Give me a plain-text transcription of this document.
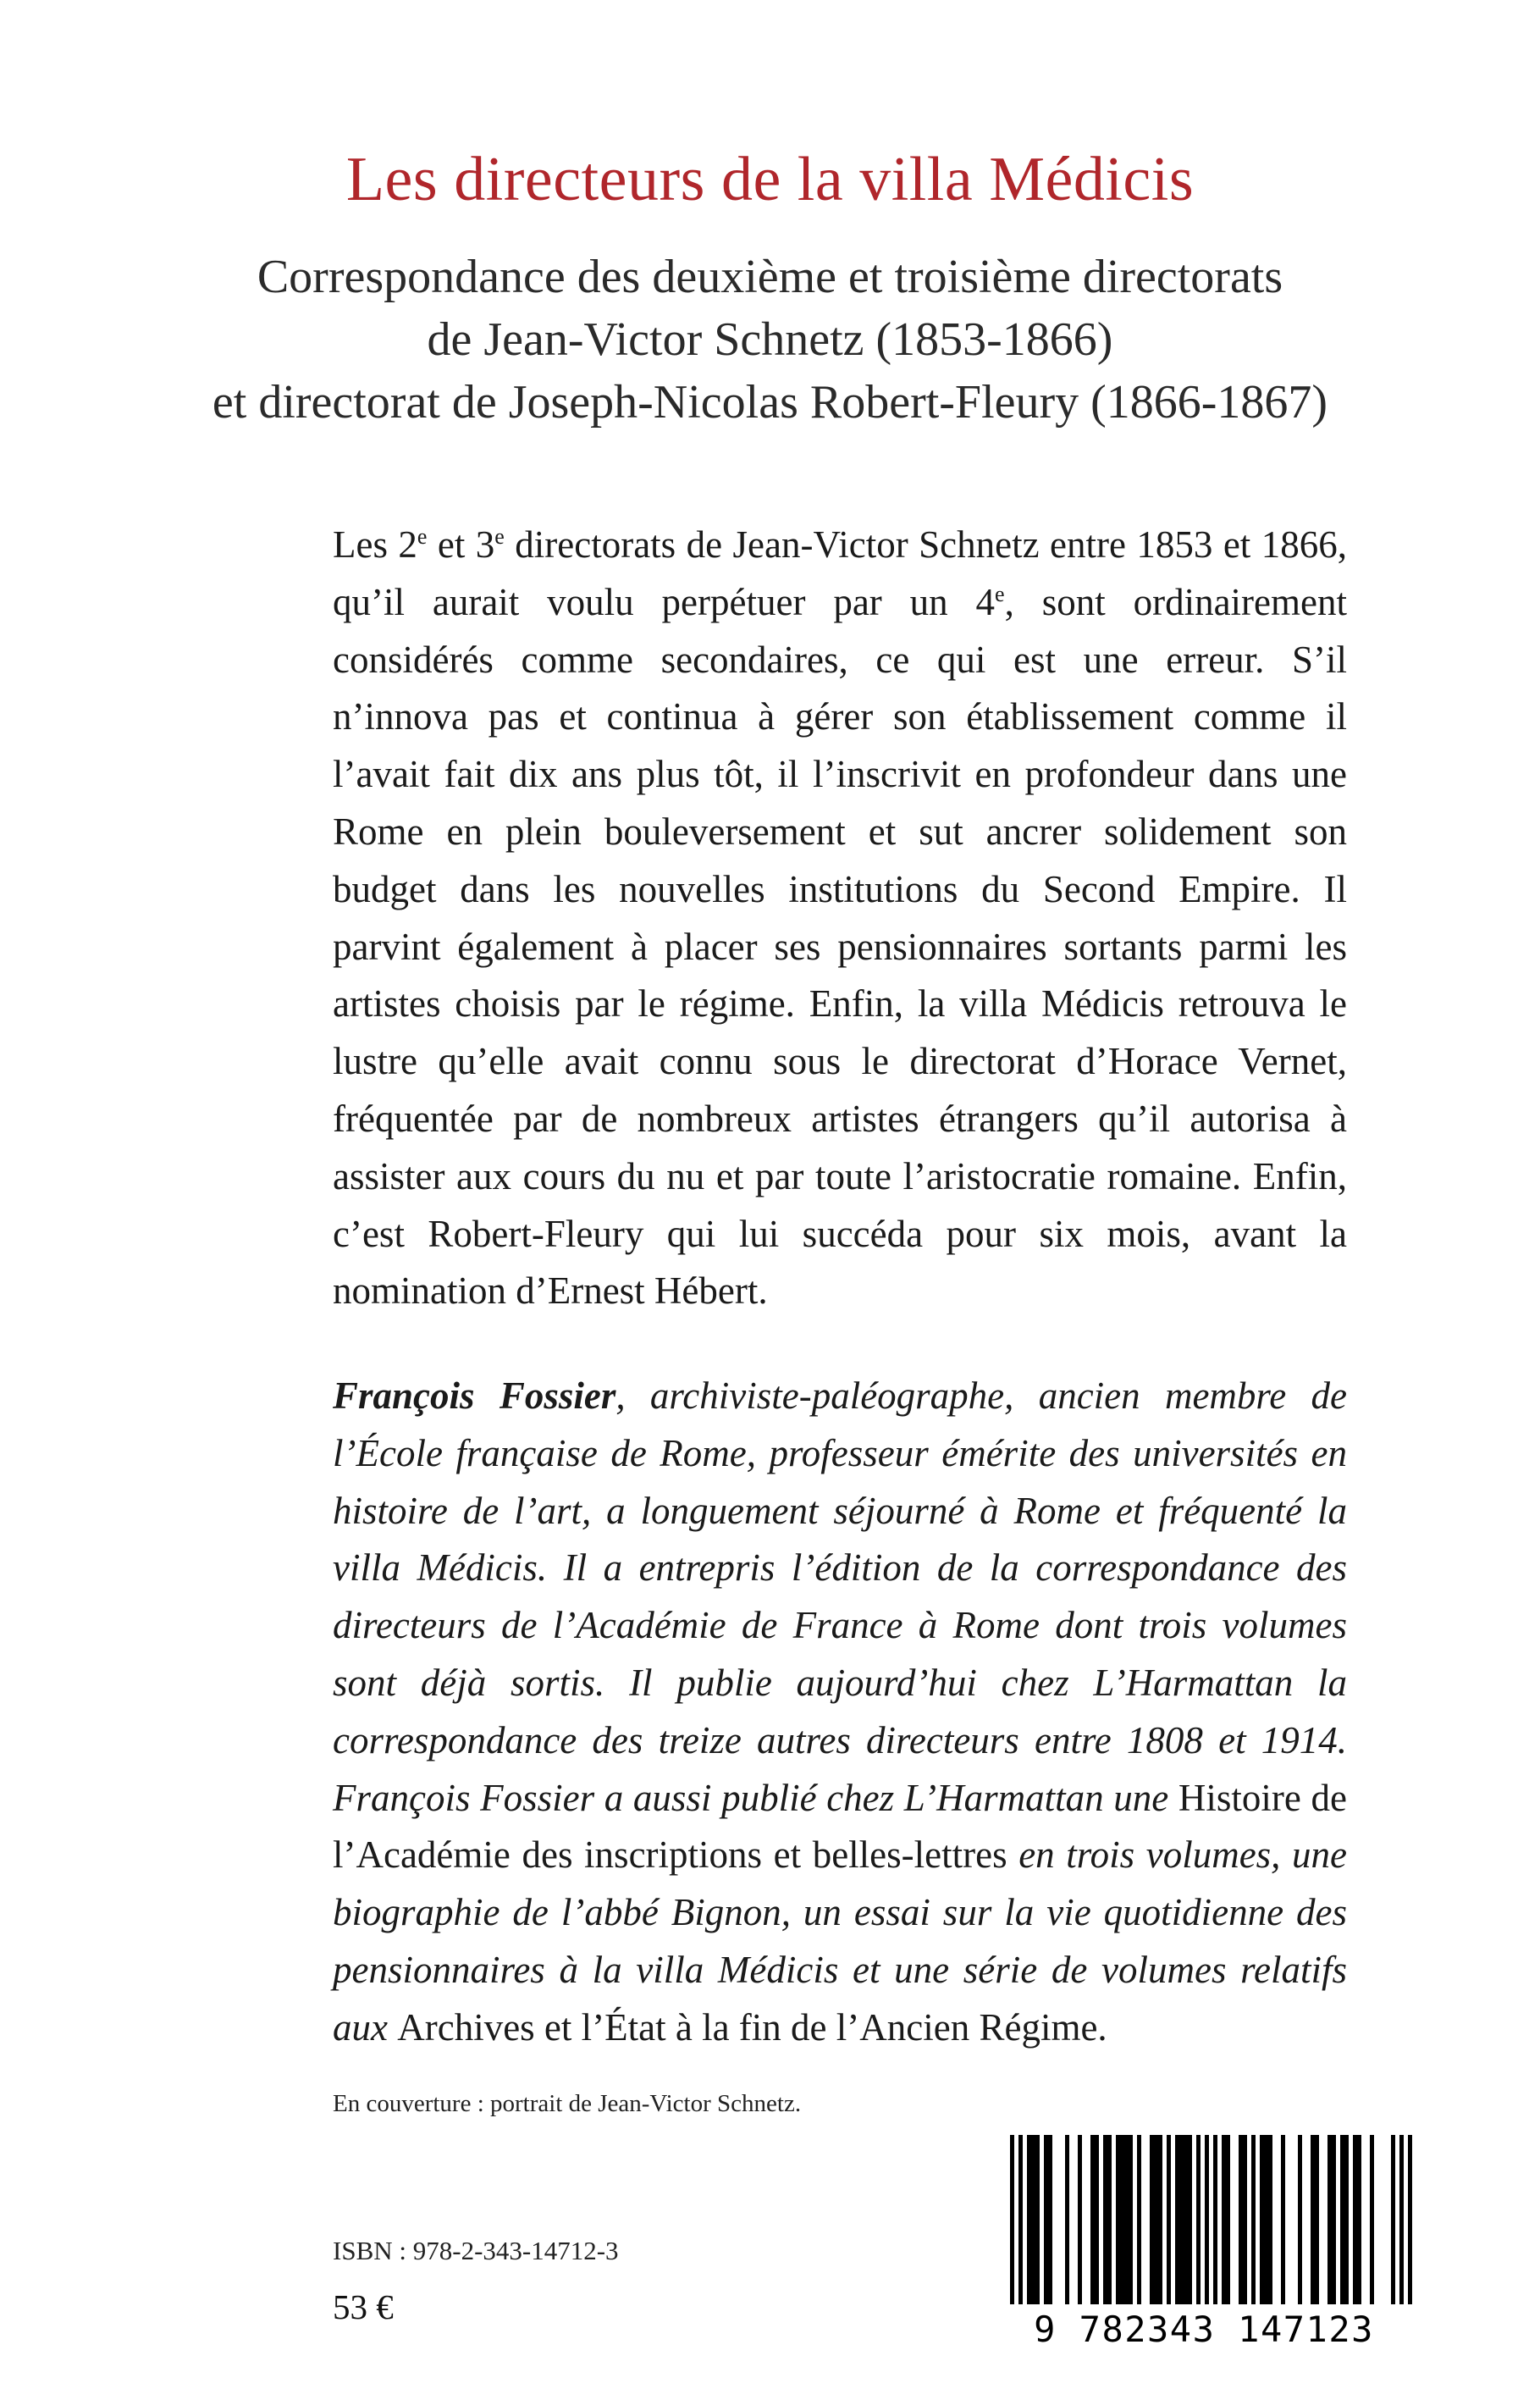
Les directeurs de la villa Médicis
Correspondance des deuxième et troisième directorats
de Jean-Victor Schnetz (1853-1866)
et directorat de Joseph-Nicolas Robert-Fleury (1866-1867)

Les 2e et 3e directorats de Jean-Victor Schnetz entre 1853 et 1866, qu’il aurait voulu perpétuer par un 4e, sont ordinairement considérés comme secondaires, ce qui est une erreur. S’il n’innova pas et continua à gérer son établissement comme il l’avait fait dix ans plus tôt, il l’inscrivit en profondeur dans une Rome en plein bouleversement et sut ancrer solidement son budget dans les nouvelles institutions du Second Empire. Il parvint également à placer ses pensionnaires sortants parmi les artistes choisis par le régime. Enfin, la villa Médicis retrouva le lustre qu’elle avait connu sous le directorat d’Horace Vernet, fréquentée par de nombreux artistes étrangers qu’il autorisa à assister aux cours du nu et par toute l’aristocratie romaine. Enfin, c’est Robert-Fleury qui lui succéda pour six mois, avant la nomination d’Ernest Hébert.

François Fossier, archiviste-paléographe, ancien membre de l’École française de Rome, professeur émérite des universités en histoire de l’art, a longuement séjourné à Rome et fréquenté la villa Médicis. Il a entrepris l’édition de la correspondance des directeurs de l’Académie de France à Rome dont trois volumes sont déjà sortis. Il publie aujourd’hui chez L’Harmattan la correspondance des treize autres directeurs entre 1808 et 1914. François Fossier a aussi publié chez L’Harmattan une Histoire de l’Académie des inscriptions et belles-lettres en trois volumes, une biographie de l’abbé Bignon, un essai sur la vie quotidienne des pensionnaires à la villa Médicis et une série de volumes relatifs aux Archives et l’État à la fin de l’Ancien Régime.

En couverture : portrait de Jean-Victor Schnetz.
ISBN : 978-2-343-14712-3
53 €
9 782343 147123
